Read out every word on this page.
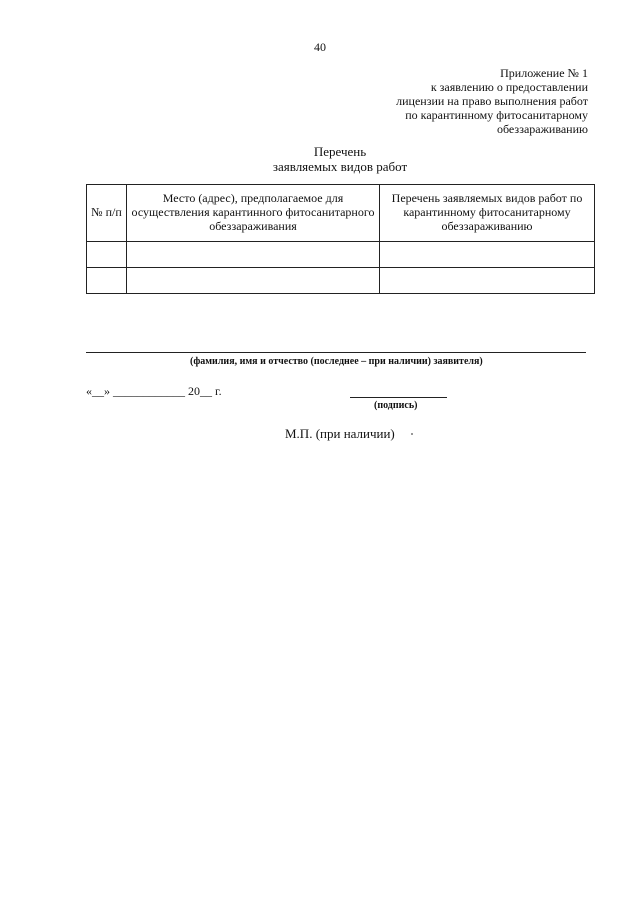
40
Приложение № 1
к заявлению о предоставлении
лицензии на право выполнения работ
по карантинному фитосанитарному
обеззараживанию
Перечень
заявляемых видов работ
№ п/п	Место (адрес), предполагаемое для осуществления карантинного фитосанитарного обеззараживания	Перечень заявляемых видов работ по карантинному фитосанитарному обеззараживанию

(фамилия, имя и отчество (последнее – при наличии) заявителя)
«__» ____________ 20__ г.
(подпись)
М.П. (при наличии)
